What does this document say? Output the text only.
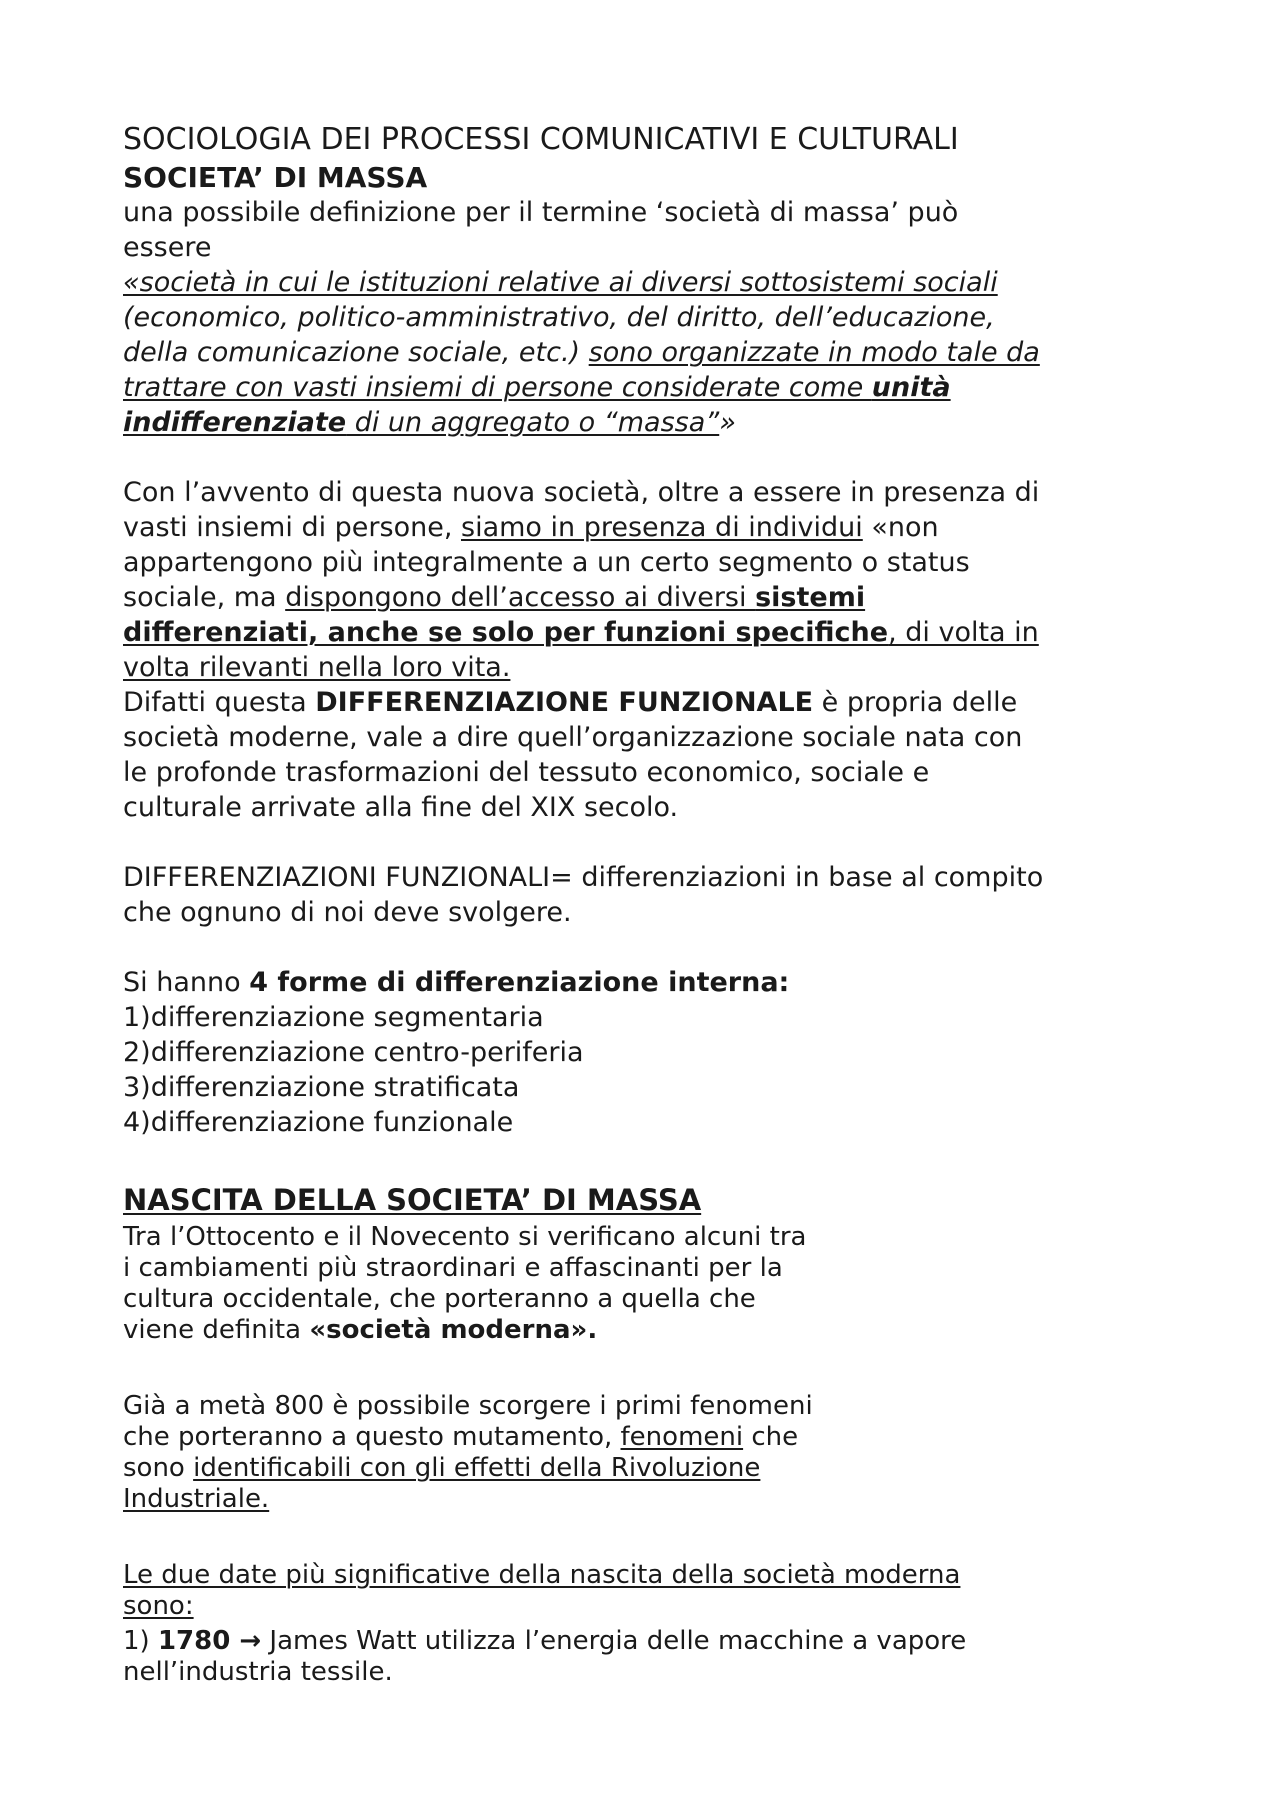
SOCIOLOGIA DEI PROCESSI COMUNICATIVI E CULTURALI

SOCIETA’ DI MASSA

una possibile definizione per il termine ‘società di massa’ può

essere

«società in cui le istituzioni relative ai diversi sottosistemi sociali

(economico, politico-amministrativo, del diritto, dell’educazione,

della comunicazione sociale, etc.) sono organizzate in modo tale da

trattare con vasti insiemi di persone considerate come unità

indifferenziate di un aggregato o “massa”»

Con l’avvento di questa nuova società, oltre a essere in presenza di

vasti insiemi di persone, siamo in presenza di individui «non

appartengono più integralmente a un certo segmento o status

sociale, ma dispongono dell’accesso ai diversi sistemi

differenziati, anche se solo per funzioni specifiche, di volta in

volta rilevanti nella loro vita.

Difatti questa DIFFERENZIAZIONE FUNZIONALE è propria delle

società moderne, vale a dire quell’organizzazione sociale nata con

le profonde trasformazioni del tessuto economico, sociale e

culturale arrivate alla fine del XIX secolo.

DIFFERENZIAZIONI FUNZIONALI= differenziazioni in base al compito

che ognuno di noi deve svolgere.

Si hanno 4 forme di differenziazione interna:

1)differenziazione segmentaria

2)differenziazione centro-periferia

3)differenziazione stratificata

4)differenziazione funzionale

NASCITA DELLA SOCIETA’ DI MASSA

Tra l’Ottocento e il Novecento si verificano alcuni tra

i cambiamenti più straordinari e affascinanti per la

cultura occidentale, che porteranno a quella che

viene definita «società moderna».

Già a metà 800 è possibile scorgere i primi fenomeni

che porteranno a questo mutamento, fenomeni che

sono identificabili con gli effetti della Rivoluzione

Industriale.

Le due date più significative della nascita della società moderna

sono:

1) 1780 → James Watt utilizza l’energia delle macchine a vapore

nell’industria tessile.
